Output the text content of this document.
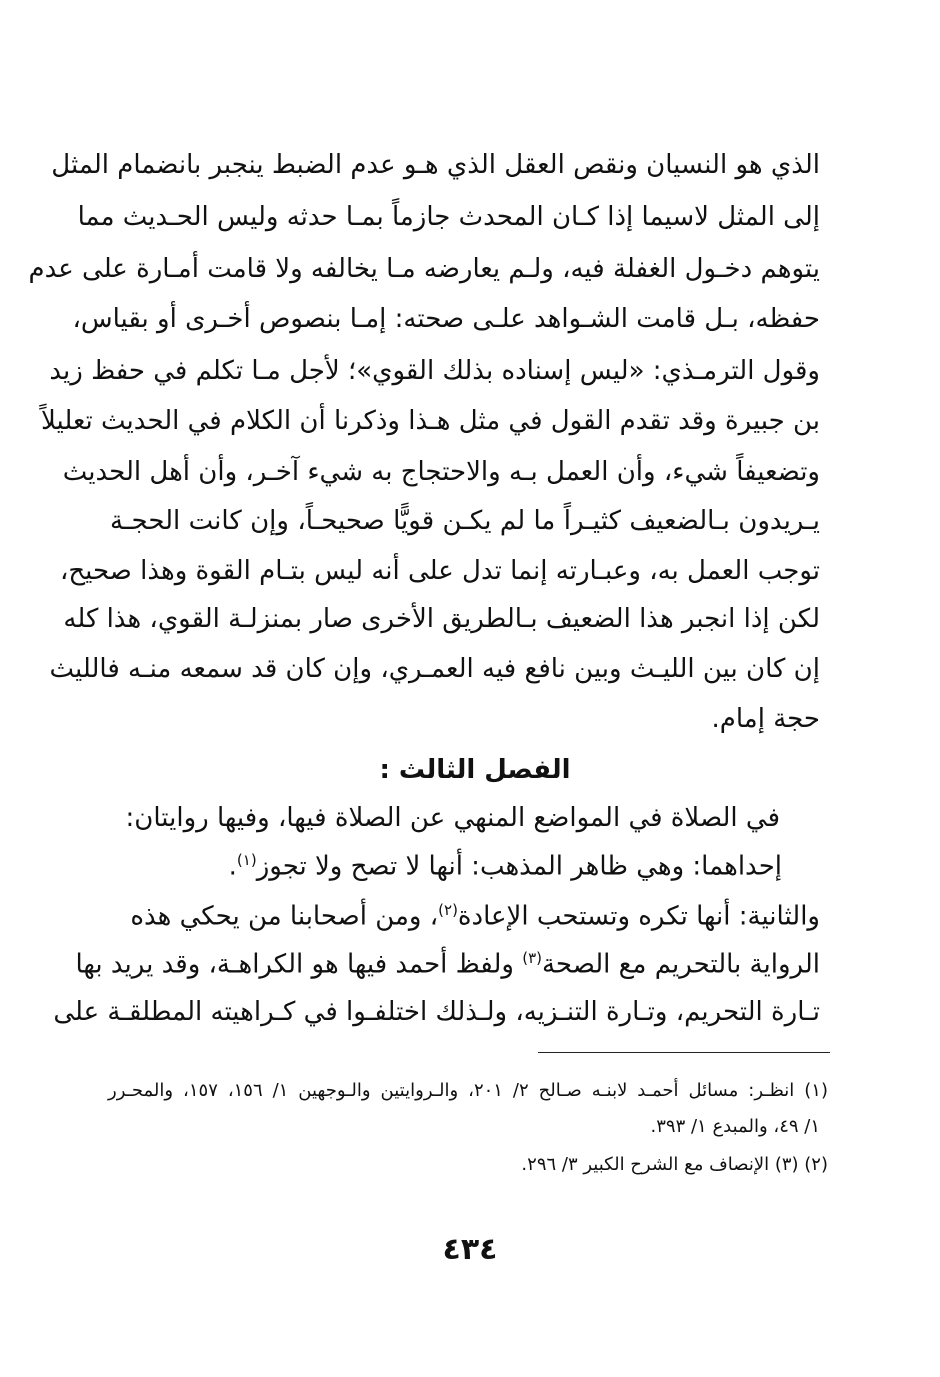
الذي هو النسيان ونقص العقل الذي هـو عدم الضبط ينجبر بانضمام المثل
إلى المثل لاسيما إذا كـان المحدث جازماً بمـا حدثه وليس الحـديث مما
يتوهم دخـول الغفلة فيه، ولـم يعارضه مـا يخالفه ولا قامت أمـارة على عدم
حفظه، بـل قامت الشـواهد علـى صحته: إمـا بنصوص أخـرى أو بقياس،
وقول الترمـذي: «ليس إسناده بذلك القوي»؛ لأجل مـا تكلم في حفظ زيد
بن جبيرة وقد تقدم القول في مثل هـذا وذكرنا أن الكلام في الحديث تعليلاً
وتضعيفاً شيء، وأن العمل بـه والاحتجاج به شيء آخـر، وأن أهل الحديث
يـريدون بـالضعيف كثيـراً ما لم يكـن قويًّا صحيحـاً، وإن كانت الحجـة
توجب العمل به، وعبـارته إنما تدل على أنه ليس بتـام القوة وهذا صحيح،
لكن إذا انجبر هذا الضعيف بـالطريق الأخرى صار بمنزلـة القوي، هذا كله
إن كان بين الليـث وبين نافع فيه العمـري، وإن كان قد سمعه منـه فالليث
حجة إمام.
الفصل الثالث :
في الصلاة في المواضع المنهي عن الصلاة فيها، وفيها روايتان:
إحداهما: وهي ظاهر المذهب: أنها لا تصح ولا تجوز$^{(١)}$.
والثانية: أنها تكره وتستحب الإعادة$^{(٢)}$، ومن أصحابنا من يحكي هذه
الرواية بالتحريم مع الصحة$^{(٣)}$ ولفظ أحمد فيها هو الكراهـة، وقد يريد بها
تـارة التحريم، وتـارة التنـزيه، ولـذلك اختلفـوا في كـراهيته المطلقـة على
(١) انظـر: مسائل أحمـد لابنـه صـالح ٢/ ٢٠١، والـروايتين والـوجهين ١/ ١٥٦، ١٥٧، والمحـرر
١/ ٤٩، والمبدع ١/ ٣٩٣.
(٢) (٣) الإنصاف مع الشرح الكبير ٣/ ٢٩٦.
٤٣٤
